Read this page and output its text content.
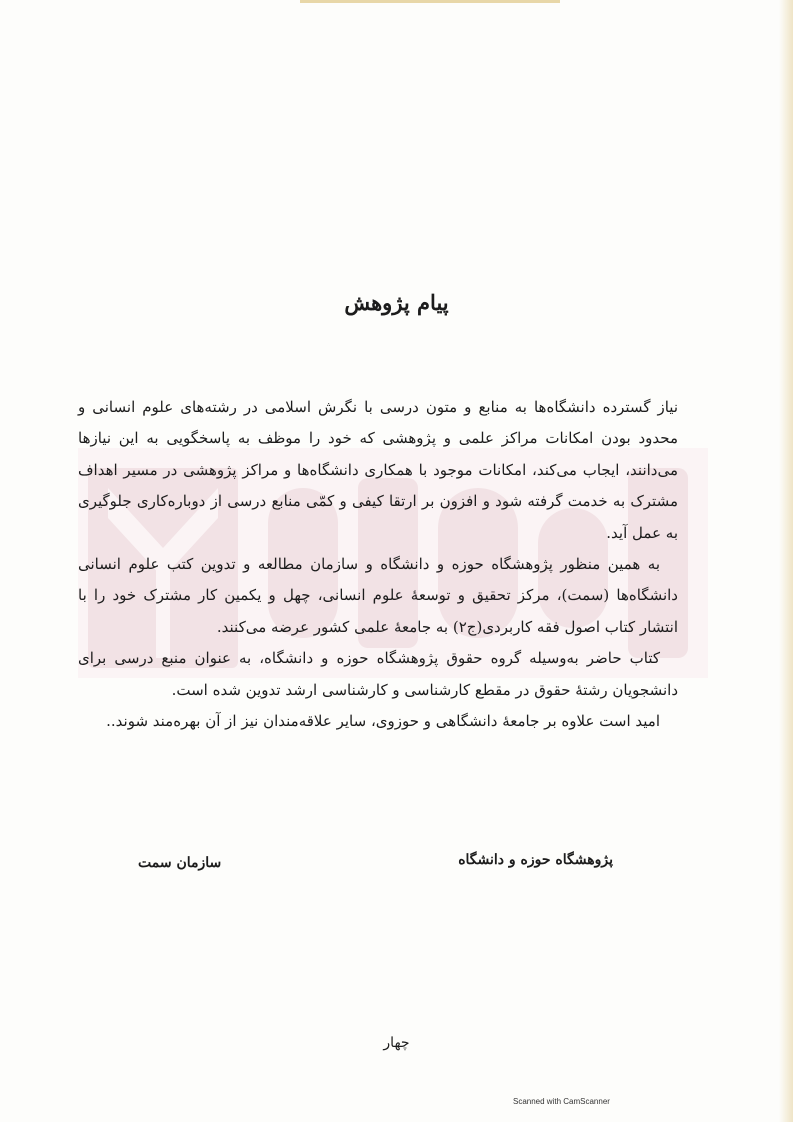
پیام پژوهش

نیاز گسترده دانشگاه‌ها به منابع و متون درسی با نگرش اسلامی در رشته‌های علوم انسانی و محدود بودن امکانات مراکز علمی و پژوهشی که خود را موظف به پاسخگویی به این نیازها می‌دانند، ایجاب می‌کند، امکانات موجود با همکاری دانشگاه‌ها و مراکز پژوهشی در مسیر اهداف مشترک به خدمت گرفته شود و افزون بر ارتقا کیفی و کمّی منابع درسی از دوباره‌کاری جلوگیری به عمل آید.

به همین منظور پژوهشگاه حوزه و دانشگاه و سازمان مطالعه و تدوین کتب علوم انسانی دانشگاه‌ها (سمت)، مرکز تحقیق و توسعهٔ علوم انسانی، چهل و یکمین کار مشترک خود را با انتشار کتاب اصول فقه کاربردی(ج۲) به جامعهٔ علمی کشور عرضه می‌کنند.

کتاب حاضر به‌وسیله گروه حقوق پژوهشگاه حوزه و دانشگاه، به عنوان منبع درسی برای دانشجویان رشتهٔ حقوق در مقطع کارشناسی و کارشناسی ارشد تدوین شده است.

امید است علاوه بر جامعهٔ دانشگاهی و حوزوی، سایر علاقه‌مندان نیز از آن بهره‌مند شوند..

پژوهشگاه حوزه و دانشگاه
سازمان سمت
چهار
Scanned with CamScanner
